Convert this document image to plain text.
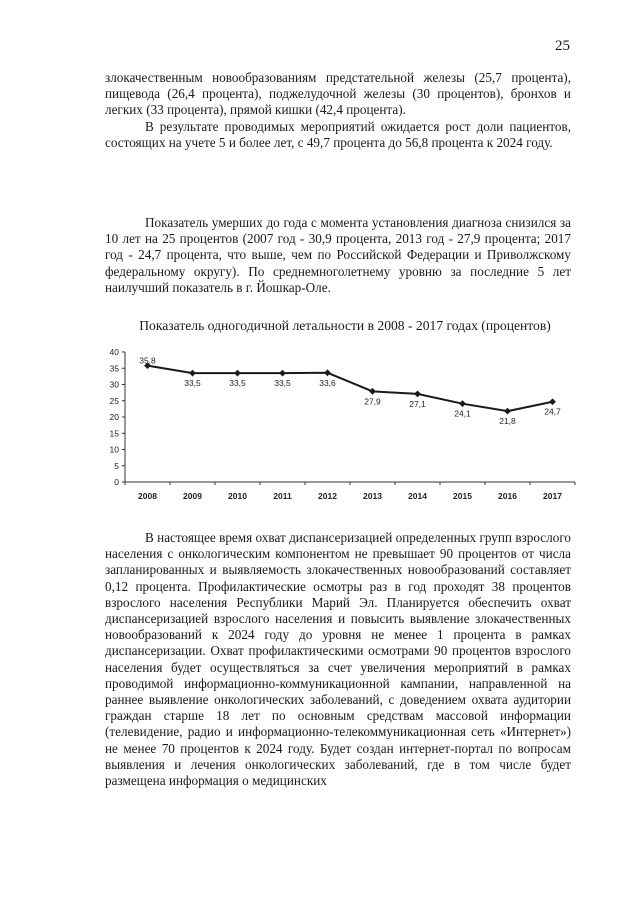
25

злокачественным новообразованиям предстательной железы (25,7 процента), пищевода (26,4 процента), поджелудочной железы (30 процентов), бронхов и легких (33 процента), прямой кишки (42,4 процента).

В результате проводимых мероприятий ожидается рост доли пациентов, состоящих на учете 5 и более лет, с 49,7 процента до 56,8 процента к 2024 году.

Показатель умерших до года с момента установления диагноза снизился за 10 лет на 25 процентов (2007 год - 30,9 процента, 2013 год - 27,9 процента; 2017 год - 24,7 процента, что выше, чем по Российской Федерации и Приволжскому федеральному округу). По среднемноголетнему уровню за последние 5 лет наилучший показатель в г. Йошкар-Оле.

Показатель одногодичной летальности в 2008 - 2017 годах (процентов)
0
5
10
15
20
25
30
35
40
2008	2009	2010	2011	2012	2013	2014	2015	2016	2017
35,8
33,5	33,5	33,5	33,6
27,9	27,1
24,1
21,8
24,7

В настоящее время охват диспансеризацией определенных групп взрослого населения с онкологическим компонентом не превышает 90 процентов от числа запланированных и выявляемость злокачественных новообразований составляет 0,12 процента. Профилактические осмотры раз в год проходят 38 процентов взрослого населения Республики Марий Эл. Планируется обеспечить охват диспансеризацией взрослого населения и повысить выявление злокачественных новообразований к 2024 году до уровня не менее 1 процента в рамках диспансеризации. Охват профилактическими осмотрами 90 процентов взрослого населения будет осуществляться за счет увеличения мероприятий в рамках проводимой информационно-коммуникационной кампании, направленной на раннее выявление онкологических заболеваний, с доведением охвата аудитории граждан старше 18 лет по основным средствам массовой информации (телевидение, радио и информационно-телекоммуникационная сеть «Интернет») не менее 70 процентов к 2024 году. Будет создан интернет-портал по вопросам выявления и лечения онкологических заболеваний, где в том числе будет размещена информация о медицинских
